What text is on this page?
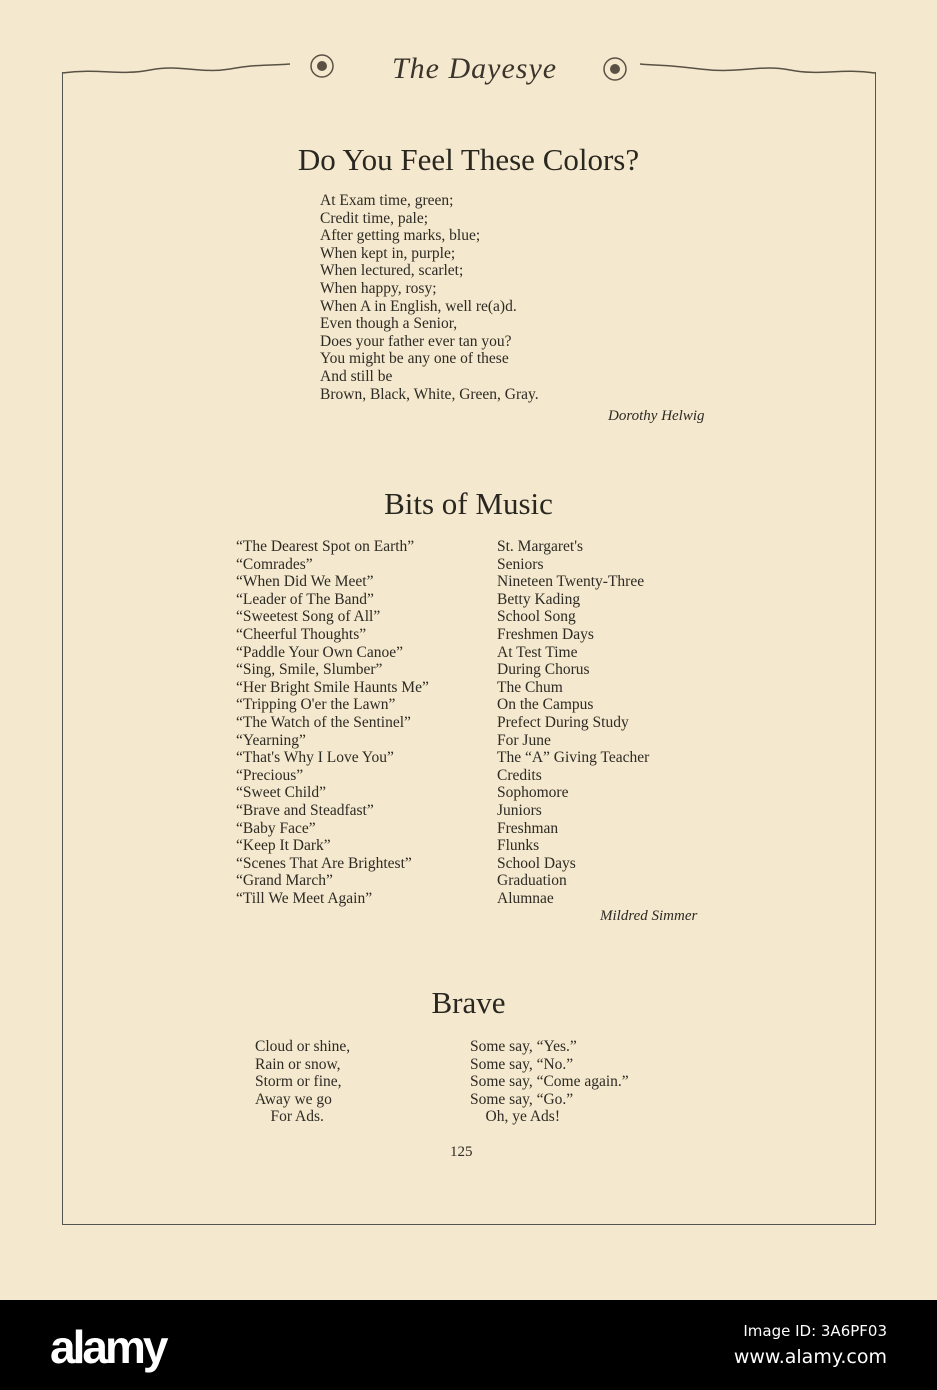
The Dayesye
Do You Feel These Colors?
At Exam time, green;
Credit time, pale;
After getting marks, blue;
When kept in, purple;
When lectured, scarlet;
When happy, rosy;
When A in English, well re(a)d.
Even though a Senior,
Does your father ever tan you?
You might be any one of these
And still be
Brown, Black, White, Green, Gray.
Dorothy Helwig
Bits of Music
“The Dearest Spot on Earth”
“Comrades”
“When Did We Meet”
“Leader of The Band”
“Sweetest Song of All”
“Cheerful Thoughts”
“Paddle Your Own Canoe”
“Sing, Smile, Slumber”
“Her Bright Smile Haunts Me”
“Tripping O'er the Lawn”
“The Watch of the Sentinel”
“Yearning”
“That's Why I Love You”
“Precious”
“Sweet Child”
“Brave and Steadfast”
“Baby Face”
“Keep It Dark”
“Scenes That Are Brightest”
“Grand March”
“Till We Meet Again”
St. Margaret's
Seniors
Nineteen Twenty-Three
Betty Kading
School Song
Freshmen Days
At Test Time
During Chorus
The Chum
On the Campus
Prefect During Study
For June
The “A” Giving Teacher
Credits
Sophomore
Juniors
Freshman
Flunks
School Days
Graduation
Alumnae
Mildred Simmer
Brave
Cloud or shine,
Rain or snow,
Storm or fine,
Away we go
For Ads.
Some say, “Yes.”
Some say, “No.”
Some say, “Come again.”
Some say, “Go.”
Oh, ye Ads!
125
alamy	Image ID: 3A6PF03
www.alamy.com
